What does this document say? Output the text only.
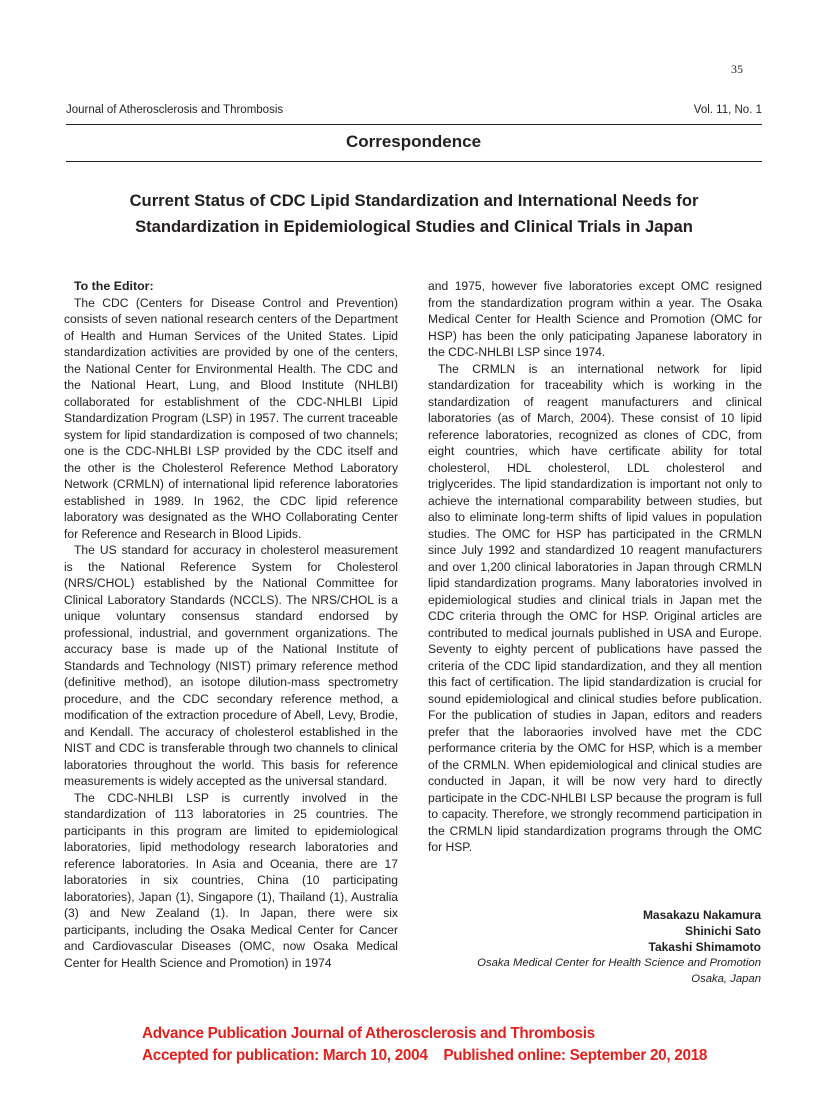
35
Journal of Atherosclerosis and Thrombosis	Vol. 11, No. 1
Correspondence
Current Status of CDC Lipid Standardization and International Needs for Standardization in Epidemiological Studies and Clinical Trials in Japan

To the Editor:

The CDC (Centers for Disease Control and Prevention) consists of seven national research centers of the Department of Health and Human Services of the United States. Lipid standardization activities are provided by one of the centers, the National Center for Environmental Health. The CDC and the National Heart, Lung, and Blood Institute (NHLBI) collaborated for establishment of the CDC-NHLBI Lipid Standardization Program (LSP) in 1957. The current traceable system for lipid standardization is composed of two channels; one is the CDC-NHLBI LSP provided by the CDC itself and the other is the Cholesterol Reference Method Laboratory Network (CRMLN) of international lipid reference laboratories established in 1989. In 1962, the CDC lipid reference laboratory was designated as the WHO Collaborating Center for Reference and Research in Blood Lipids.

The US standard for accuracy in cholesterol measurement is the National Reference System for Cholesterol (NRS/CHOL) established by the National Committee for Clinical Laboratory Standards (NCCLS). The NRS/CHOL is a unique voluntary consensus standard endorsed by professional, industrial, and government organizations. The accuracy base is made up of the National Institute of Standards and Technology (NIST) primary reference method (definitive method), an isotope dilution-mass spectrometry procedure, and the CDC secondary reference method, a modification of the extraction procedure of Abell, Levy, Brodie, and Kendall. The accuracy of cholesterol established in the NIST and CDC is transferable through two channels to clinical laboratories throughout the world. This basis for reference measurements is widely accepted as the universal standard.

The CDC-NHLBI LSP is currently involved in the standardization of 113 laboratories in 25 countries. The participants in this program are limited to epidemiological laboratories, lipid methodology research laboratories and reference laboratories. In Asia and Oceania, there are 17 laboratories in six countries, China (10 participating laboratories), Japan (1), Singapore (1), Thailand (1), Australia (3) and New Zealand (1). In Japan, there were six participants, including the Osaka Medical Center for Cancer and Cardiovascular Diseases (OMC, now Osaka Medical Center for Health Science and Promotion) in 1974

and 1975, however five laboratories except OMC resigned from the standardization program within a year. The Osaka Medical Center for Health Science and Promotion (OMC for HSP) has been the only paticipating Japanese laboratory in the CDC-NHLBI LSP since 1974.

The CRMLN is an international network for lipid standardization for traceability which is working in the standardization of reagent manufacturers and clinical laboratories (as of March, 2004). These consist of 10 lipid reference laboratories, recognized as clones of CDC, from eight countries, which have certificate ability for total cholesterol, HDL cholesterol, LDL cholesterol and triglycerides. The lipid standardization is important not only to achieve the international comparability between studies, but also to eliminate long-term shifts of lipid values in population studies. The OMC for HSP has participated in the CRMLN since July 1992 and standardized 10 reagent manufacturers and over 1,200 clinical laboratories in Japan through CRMLN lipid standardization programs. Many laboratories involved in epidemiological studies and clinical trials in Japan met the CDC criteria through the OMC for HSP. Original articles are contributed to medical journals published in USA and Europe. Seventy to eighty percent of publications have passed the criteria of the CDC lipid standardization, and they all mention this fact of certification. The lipid standardization is crucial for sound epidemiological and clinical studies before publication. For the publication of studies in Japan, editors and readers prefer that the laboraories involved have met the CDC performance criteria by the OMC for HSP, which is a member of the CRMLN. When epidemiological and clinical studies are conducted in Japan, it will be now very hard to directly participate in the CDC-NHLBI LSP because the program is full to capacity. Therefore, we strongly recommend participation in the CRMLN lipid standardization programs through the OMC for HSP.

Masakazu Nakamura
Shinichi Sato
Takashi Shimamoto
Osaka Medical Center for Health Science and Promotion
Osaka, Japan
Advance Publication Journal of Atherosclerosis and Thrombosis
Accepted for publication: March 10, 2004    Published online: September 20, 2018
